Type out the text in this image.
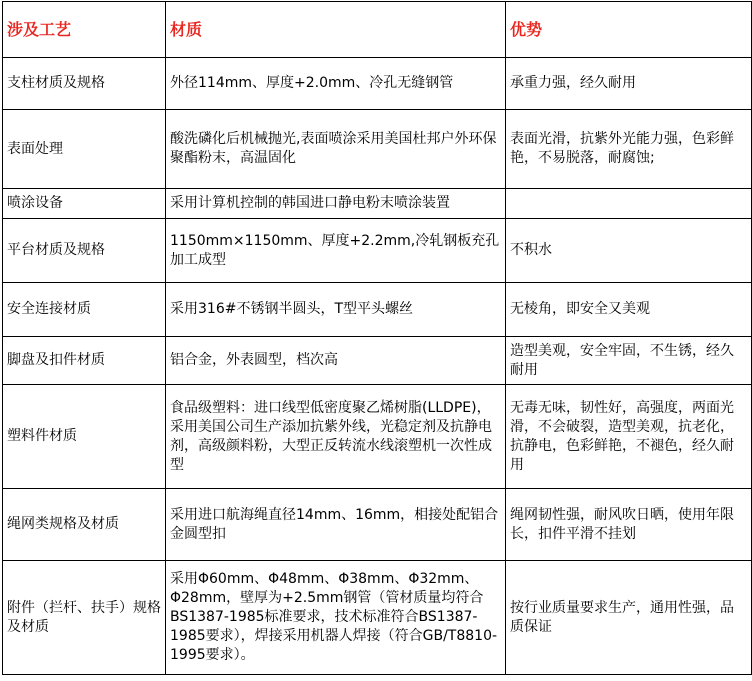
涉及工艺	材质	优势
支柱材质及规格	外径114mm、厚度+2.0mm、冷孔无缝钢管	承重力强，经久耐用
表面处理	酸洗磷化后机械抛光,表面喷涂采用美国杜邦户外环保聚酯粉末，高温固化	表面光滑，抗紫外光能力强，色彩鲜艳，不易脱落，耐腐蚀;
喷涂设备	采用计算机控制的韩国进口静电粉末喷涂装置	
平台材质及规格	1150mm×1150mm、厚度+2.2mm,冷轧钢板充孔加工成型	不积水
安全连接材质	采用316#不锈钢半圆头，T型平头螺丝	无棱角，即安全又美观
脚盘及扣件材质	铝合金，外表圆型，档次高	造型美观，安全牢固，不生锈，经久耐用
塑料件材质	食品级塑料：进口线型低密度聚乙烯树脂(LLDPE)，采用美国公司生产添加抗紫外线，光稳定剂及抗静电剂，高级颜料粉，大型正反转流水线滚塑机一次性成型	无毒无味，韧性好，高强度，两面光滑，不会破裂，造型美观，抗老化，抗静电，色彩鲜艳，不褪色，经久耐用
绳网类规格及材质	采用进口航海绳直径14mm、16mm，相接处配铝合金圆型扣	绳网韧性强，耐风吹日晒，使用年限长，扣件平滑不挂划
附件（拦杆、扶手）规格及材质	采用Φ60mm、Φ48mm、Φ38mm、Φ32mm、Φ28mm，壁厚为+2.5mm钢管（管材质量均符合BS1387-1985标准要求，技术标准符合BS1387-1985要求），焊接采用机器人焊接（符合GB/T8810-1995要求）。	按行业质量要求生产，通用性强，品质保证
